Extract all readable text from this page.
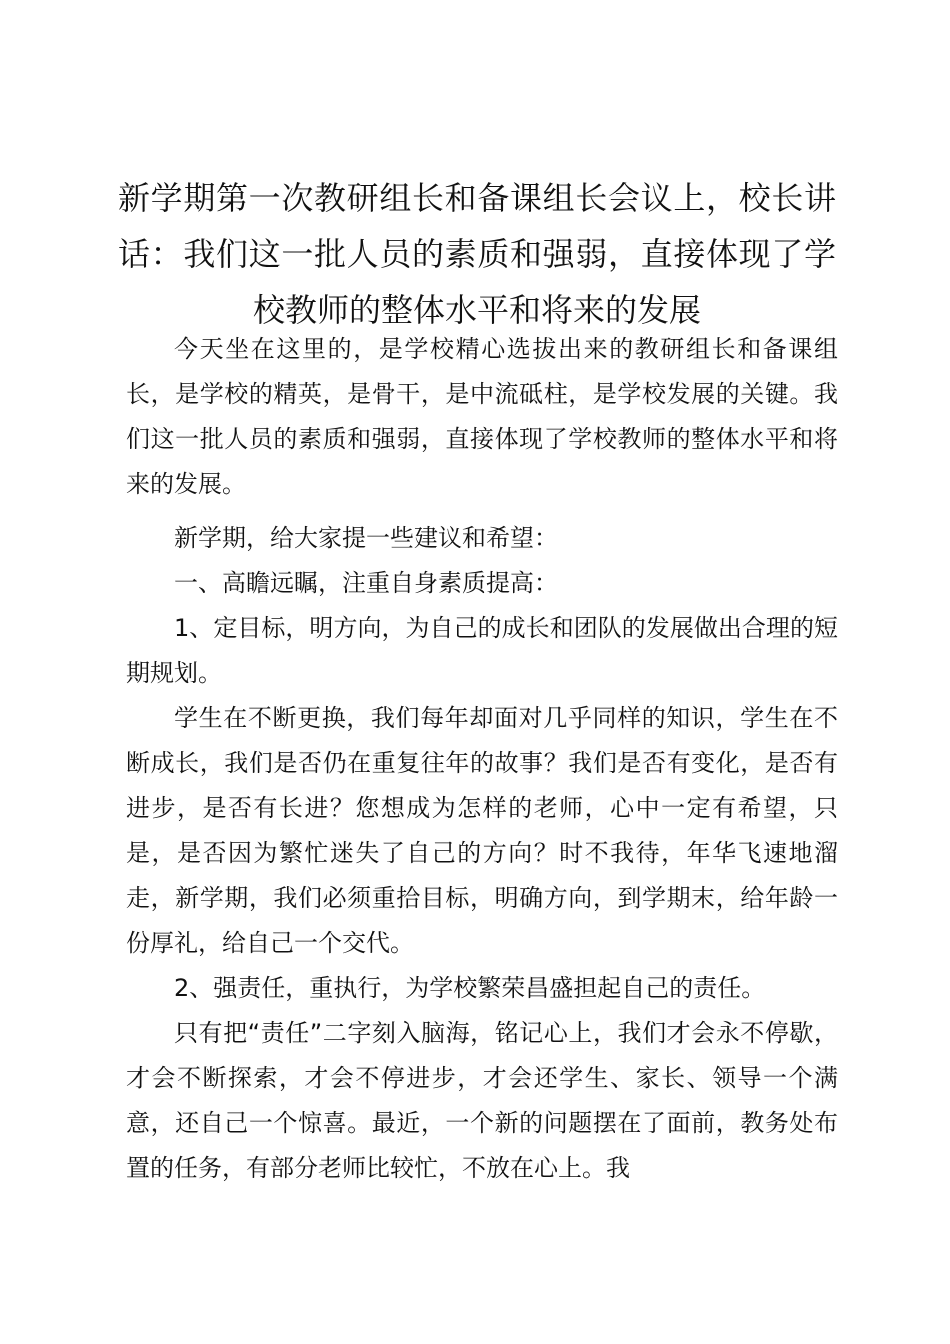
新学期第一次教研组长和备课组长会议上，校长讲话：我们这一批人员的素质和强弱，直接体现了学校教师的整体水平和将来的发展

今天坐在这里的，是学校精心选拔出来的教研组长和备课组长，是学校的精英，是骨干，是中流砥柱，是学校发展的关键。我们这一批人员的素质和强弱，直接体现了学校教师的整体水平和将来的发展。

新学期，给大家提一些建议和希望：

一、高瞻远瞩，注重自身素质提高：

1、定目标，明方向，为自己的成长和团队的发展做出合理的短期规划。

学生在不断更换，我们每年却面对几乎同样的知识，学生在不断成长，我们是否仍在重复往年的故事？我们是否有变化，是否有进步，是否有长进？您想成为怎样的老师，心中一定有希望，只是，是否因为繁忙迷失了自己的方向？时不我待，年华飞速地溜走，新学期，我们必须重拾目标，明确方向，到学期末，给年龄一份厚礼，给自己一个交代。

2、强责任，重执行，为学校繁荣昌盛担起自己的责任。

只有把“责任”二字刻入脑海，铭记心上，我们才会永不停歇，才会不断探索，才会不停进步，才会还学生、家长、领导一个满意，还自己一个惊喜。最近，一个新的问题摆在了面前，教务处布置的任务，有部分老师比较忙，不放在心上。我
